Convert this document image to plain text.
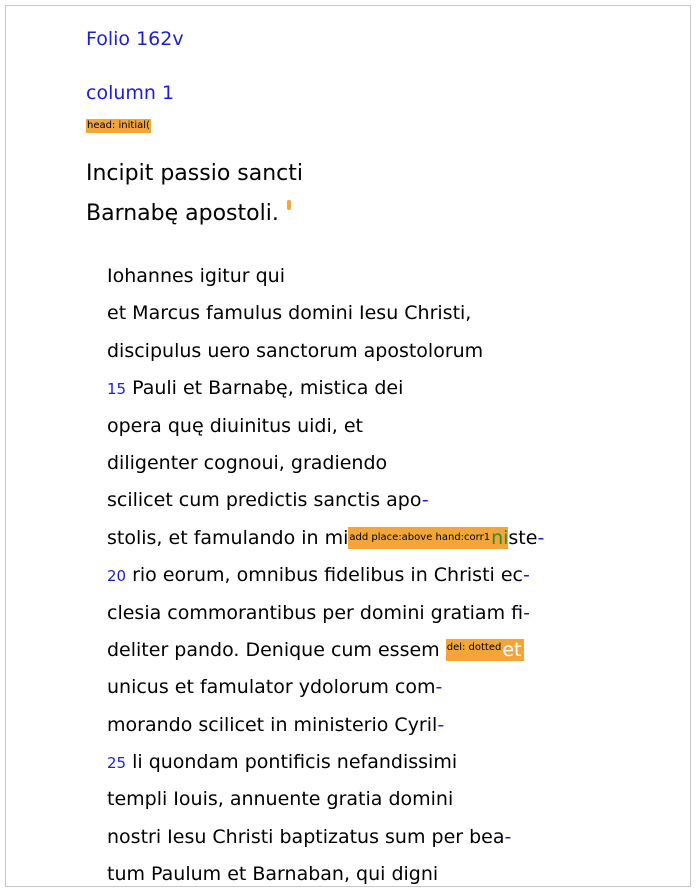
Folio 162v
column 1
head: initial(
Incipit passio sancti
Barnabę apostoli.
Iohannes igitur qui
et Marcus famulus domini Iesu Christi,
discipulus uero sanctorum apostolorum
15 Pauli et Barnabę, mistica dei
opera quę diuinitus uidi, et
diligenter cognoui, gradiendo
scilicet cum predictis sanctis apo-
stolis, et famulando in miadd place:above hand:corr1niste-
20 rio eorum, omnibus fidelibus in Christi ec-
clesia commorantibus per domini gratiam fi-
deliter pando. Denique cum essem del: dottedet
unicus et famulator ydolorum com-
morando scilicet in ministerio Cyril-
25 li quondam pontificis nefandissimi
templi Iouis, annuente gratia domini
nostri Iesu Christi baptizatus sum per bea-
tum Paulum et Barnaban, qui digni
